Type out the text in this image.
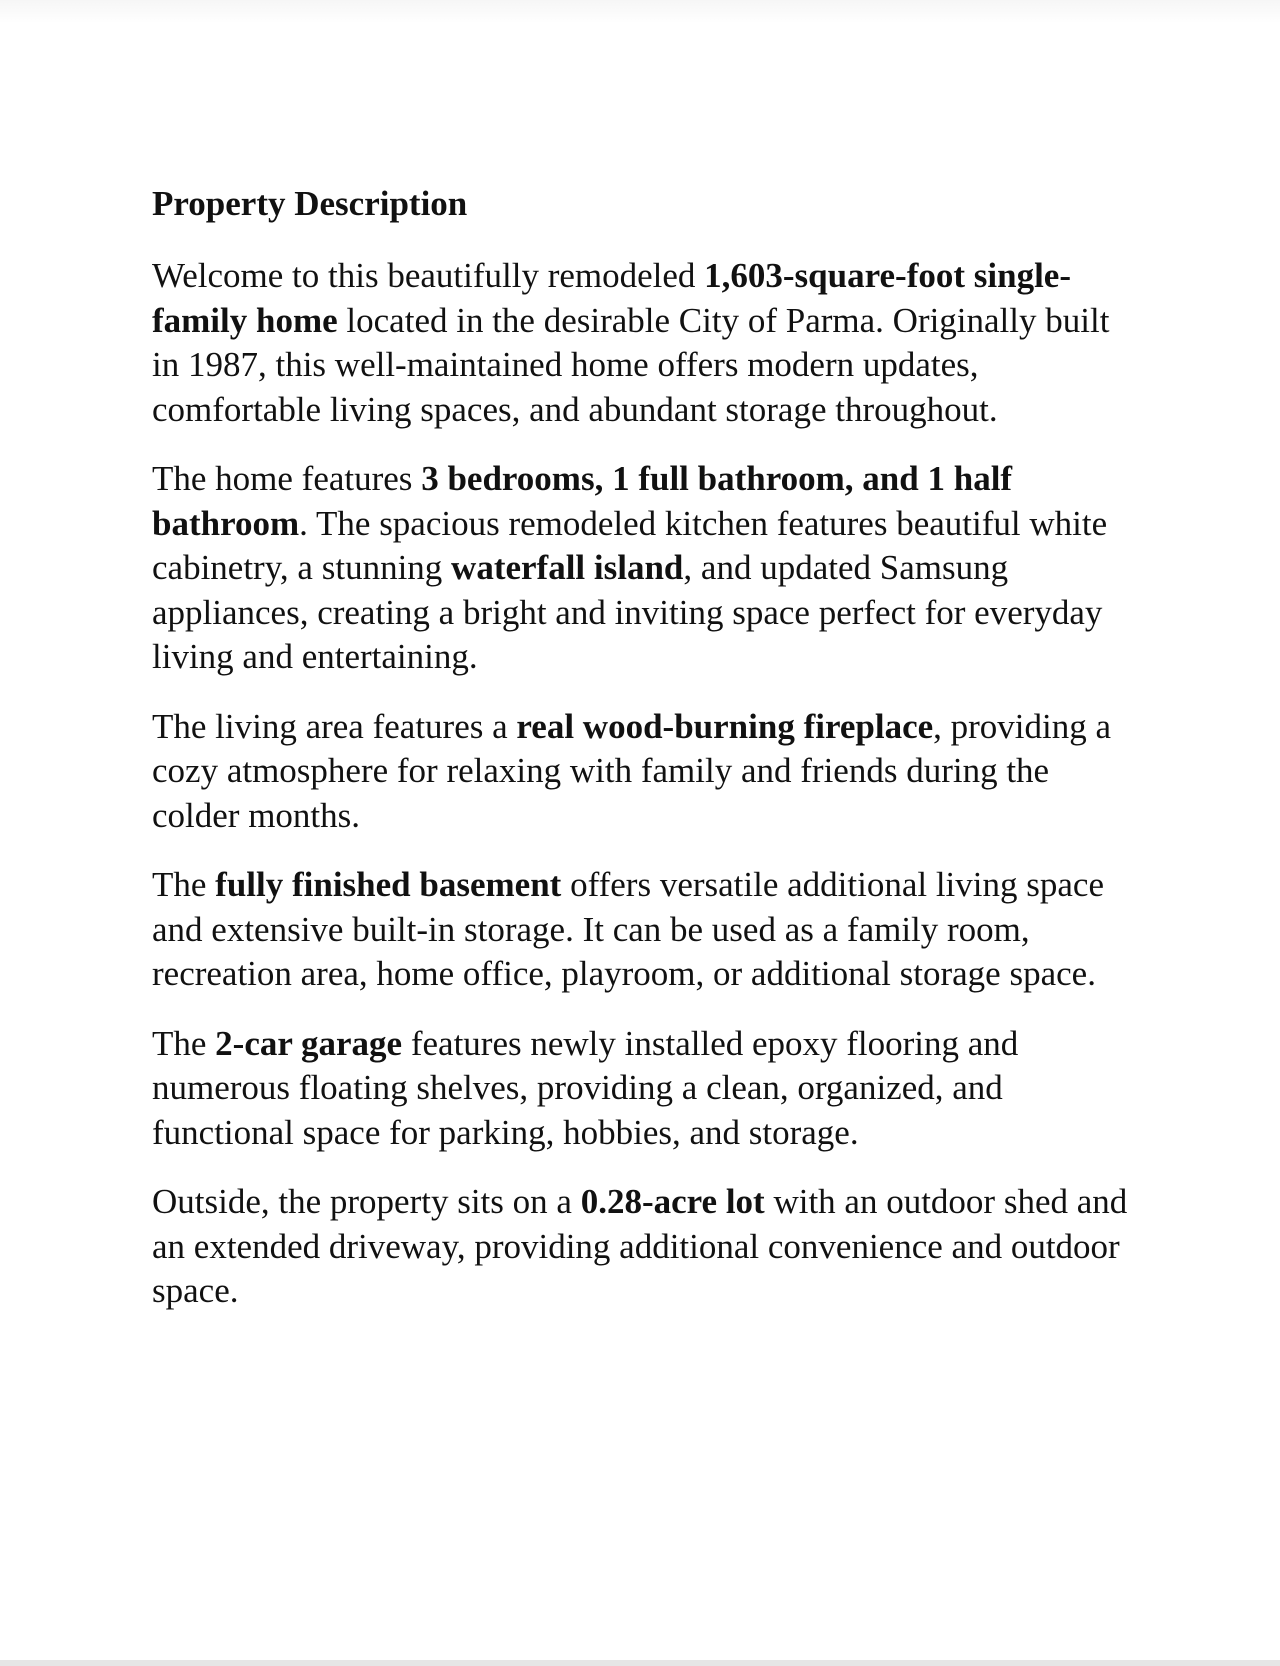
Property Description

Welcome to this beautifully remodeled 1,603-square-foot single-family home located in the desirable City of Parma. Originally built in 1987, this well-maintained home offers modern updates, comfortable living spaces, and abundant storage throughout.

The home features 3 bedrooms, 1 full bathroom, and 1 half bathroom. The spacious remodeled kitchen features beautiful white cabinetry, a stunning waterfall island, and updated Samsung appliances, creating a bright and inviting space perfect for everyday living and entertaining.

The living area features a real wood-burning fireplace, providing a cozy atmosphere for relaxing with family and friends during the colder months.

The fully finished basement offers versatile additional living space and extensive built-in storage. It can be used as a family room, recreation area, home office, playroom, or additional storage space.

The 2-car garage features newly installed epoxy flooring and numerous floating shelves, providing a clean, organized, and functional space for parking, hobbies, and storage.

Outside, the property sits on a 0.28-acre lot with an outdoor shed and an extended driveway, providing additional convenience and outdoor space.
